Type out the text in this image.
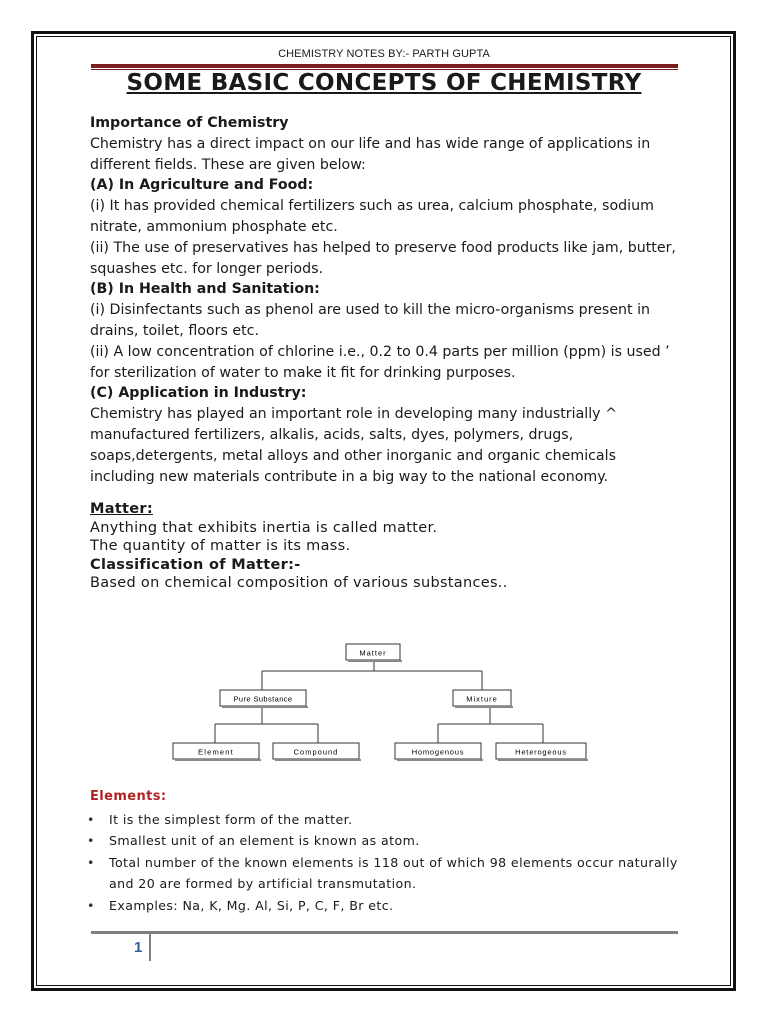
CHEMISTRY NOTES BY:- PARTH GUPTA
SOME BASIC CONCEPTS OF CHEMISTRY

Importance of Chemistry

Chemistry has a direct impact on our life and has wide range of applications in different fields. These are given below:

(A) In Agriculture and Food:

(i) It has provided chemical fertilizers such as urea, calcium phosphate, sodium nitrate, ammonium phosphate etc.

(ii) The use of preservatives has helped to preserve food products like jam, butter, squashes etc. for longer periods.

(B) In Health and Sanitation:

(i) Disinfectants such as phenol are used to kill the micro-organisms present in drains, toilet, floors etc.

(ii) A low concentration of chlorine i.e., 0.2 to 0.4 parts per million (ppm) is used ’ for sterilization of water to make it fit for drinking purposes.

(C) Application in Industry:

Chemistry has played an important role in developing many industrially ^ manufactured fertilizers, alkalis, acids, salts, dyes, polymers, drugs, soaps,detergents, metal alloys and other inorganic and organic chemicals including new materials contribute in a big way to the national economy.

Matter:

Anything that exhibits inertia is called matter.

The quantity of matter is its mass.

Classification of Matter:-

Based on chemical composition of various substances..

Matter
Pure Substance	Mixture
Element	Compound	Homogenous	Heterogeous
Elements:
• It is the simplest form of the matter.
• Smallest unit of an element is known as atom.
• Total number of the known elements is 118 out of which 98 elements occur naturally and 20 are formed by artificial transmutation.
• Examples: Na, K, Mg. Al, Si, P, C, F, Br etc.
1
